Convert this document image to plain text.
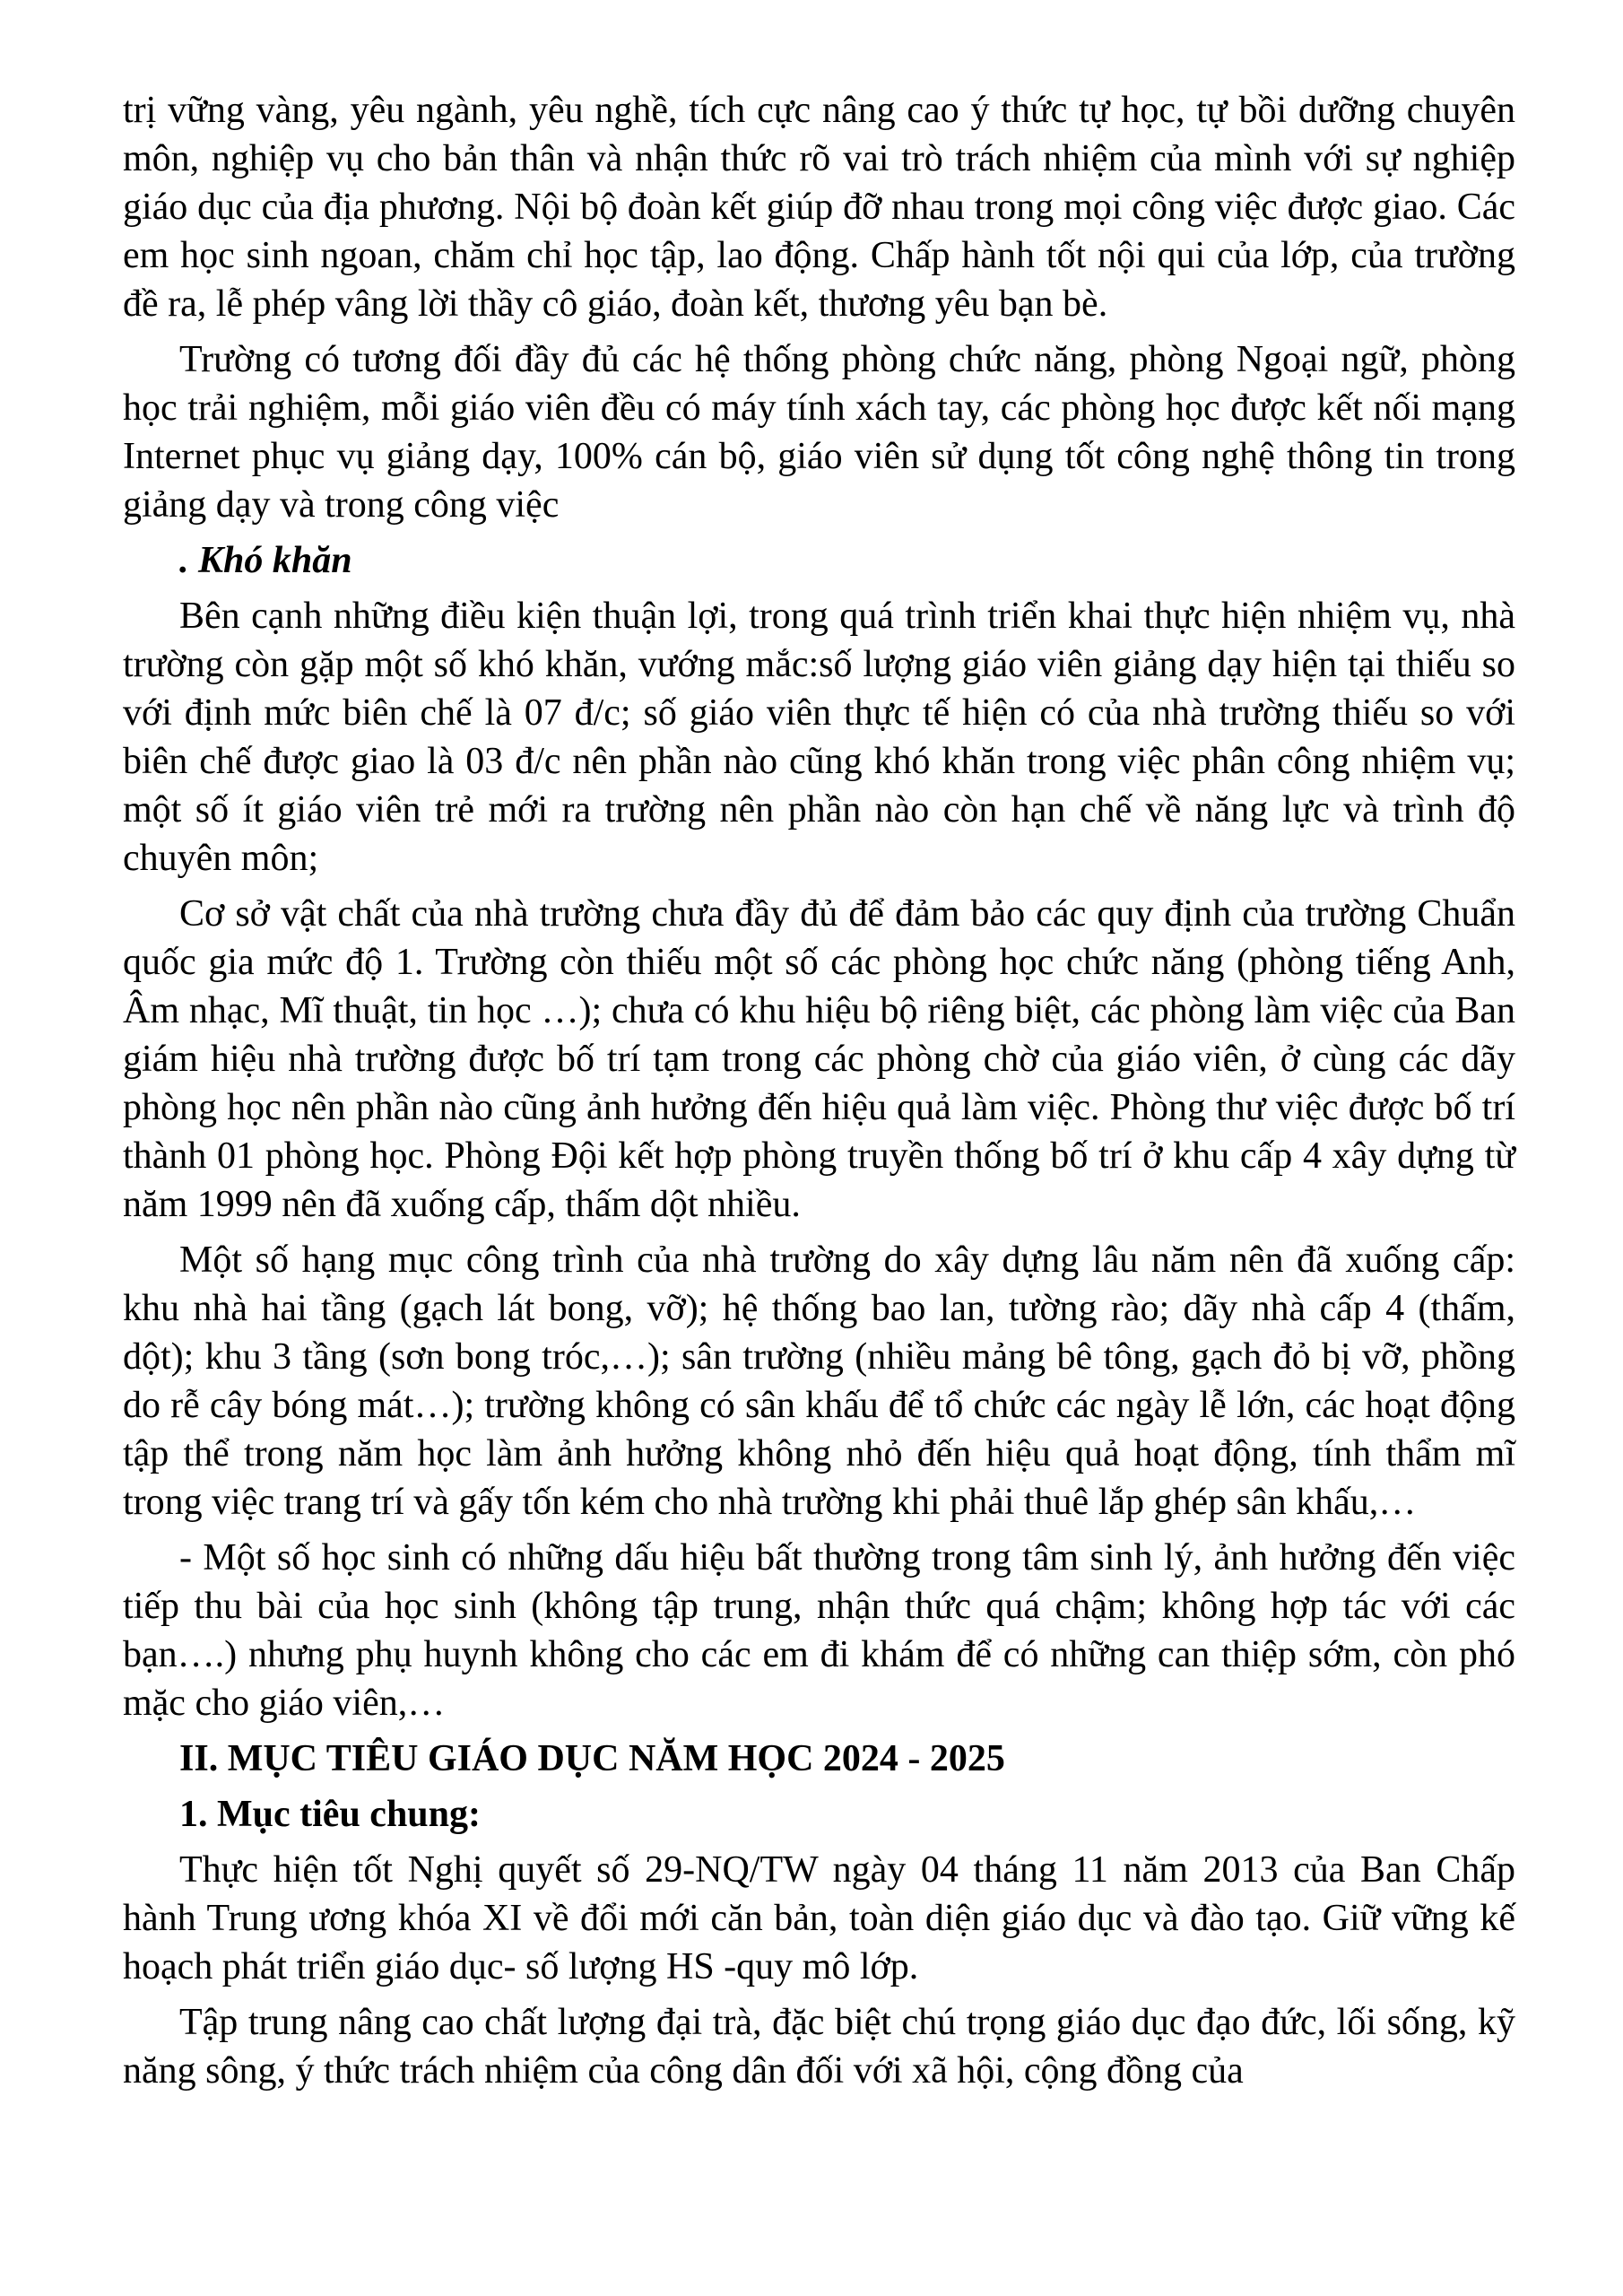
trị vững vàng, yêu ngành, yêu nghề, tích cực nâng cao ý thức tự học, tự bồi dưỡng chuyên môn, nghiệp vụ cho bản thân và nhận thức rõ vai trò trách nhiệm của mình với sự nghiệp giáo dục của địa phương. Nội bộ đoàn kết giúp đỡ nhau trong mọi công việc được giao. Các em học sinh ngoan, chăm chỉ học tập, lao động. Chấp hành tốt nội qui của lớp, của trường đề ra, lễ phép vâng lời thầy cô giáo, đoàn kết, thương yêu bạn bè.

Trường có tương đối đầy đủ các hệ thống phòng chức năng, phòng Ngoại ngữ, phòng học trải nghiệm, mỗi giáo viên đều có máy tính xách tay, các phòng học được kết nối mạng Internet phục vụ giảng dạy, 100% cán bộ, giáo viên sử dụng tốt công nghệ thông tin trong giảng dạy và trong công việc

. Khó khăn

Bên cạnh những điều kiện thuận lợi, trong quá trình triển khai thực hiện nhiệm vụ, nhà trường còn gặp một số khó khăn, vướng mắc:số lượng giáo viên giảng dạy hiện tại thiếu so với định mức biên chế là 07 đ/c; số giáo viên thực tế hiện có của nhà trường thiếu so với biên chế được giao là 03 đ/c nên phần nào cũng khó khăn trong việc phân công nhiệm vụ; một số ít giáo viên trẻ mới ra trường nên phần nào còn hạn chế về năng lực và trình độ chuyên môn;

Cơ sở vật chất của nhà trường chưa đầy đủ để đảm bảo các quy định của trường Chuẩn quốc gia mức độ 1. Trường còn thiếu một số các phòng học chức năng (phòng tiếng Anh, Âm nhạc, Mĩ thuật, tin học …); chưa có khu hiệu bộ riêng biệt, các phòng làm việc của Ban giám hiệu nhà trường được bố trí tạm trong các phòng chờ của giáo viên, ở cùng các dãy phòng học nên phần nào cũng ảnh hưởng đến hiệu quả làm việc. Phòng thư việc được bố trí thành 01 phòng học. Phòng Đội kết hợp phòng truyền thống bố trí ở khu cấp 4 xây dựng từ năm 1999 nên đã xuống cấp, thấm dột nhiều.

Một số hạng mục công trình của nhà trường do xây dựng lâu năm nên đã xuống cấp: khu nhà hai tầng (gạch lát bong, vỡ); hệ thống bao lan, tường rào; dãy nhà cấp 4 (thấm, dột); khu 3 tầng (sơn bong tróc,…); sân trường (nhiều mảng bê tông, gạch đỏ bị vỡ, phồng do rễ cây bóng mát…); trường không có sân khấu để tổ chức các ngày lễ lớn, các hoạt động tập thể trong năm học làm ảnh hưởng không nhỏ đến hiệu quả hoạt động, tính thẩm mĩ trong việc trang trí và gấy tốn kém cho nhà trường khi phải thuê lắp ghép sân khấu,…

- Một số học sinh có những dấu hiệu bất thường trong tâm sinh lý, ảnh hưởng đến việc tiếp thu bài của học sinh (không tập trung, nhận thức quá chậm; không hợp tác với các bạn….) nhưng phụ huynh không cho các em đi khám để có những can thiệp sớm, còn phó mặc cho giáo viên,…

II. MỤC TIÊU GIÁO DỤC NĂM HỌC 2024 - 2025

1. Mục tiêu chung:

Thực hiện tốt Nghị quyết số 29-NQ/TW ngày 04 tháng 11 năm 2013 của Ban Chấp hành Trung ương khóa XI về đổi mới căn bản, toàn diện giáo dục và đào tạo. Giữ vững kế hoạch phát triển giáo dục- số lượng HS -quy mô lớp.

Tập trung nâng cao chất lượng đại trà, đặc biệt chú trọng giáo dục đạo đức, lối sống, kỹ năng sông, ý thức trách nhiệm của công dân đối với xã hội, cộng đồng của
